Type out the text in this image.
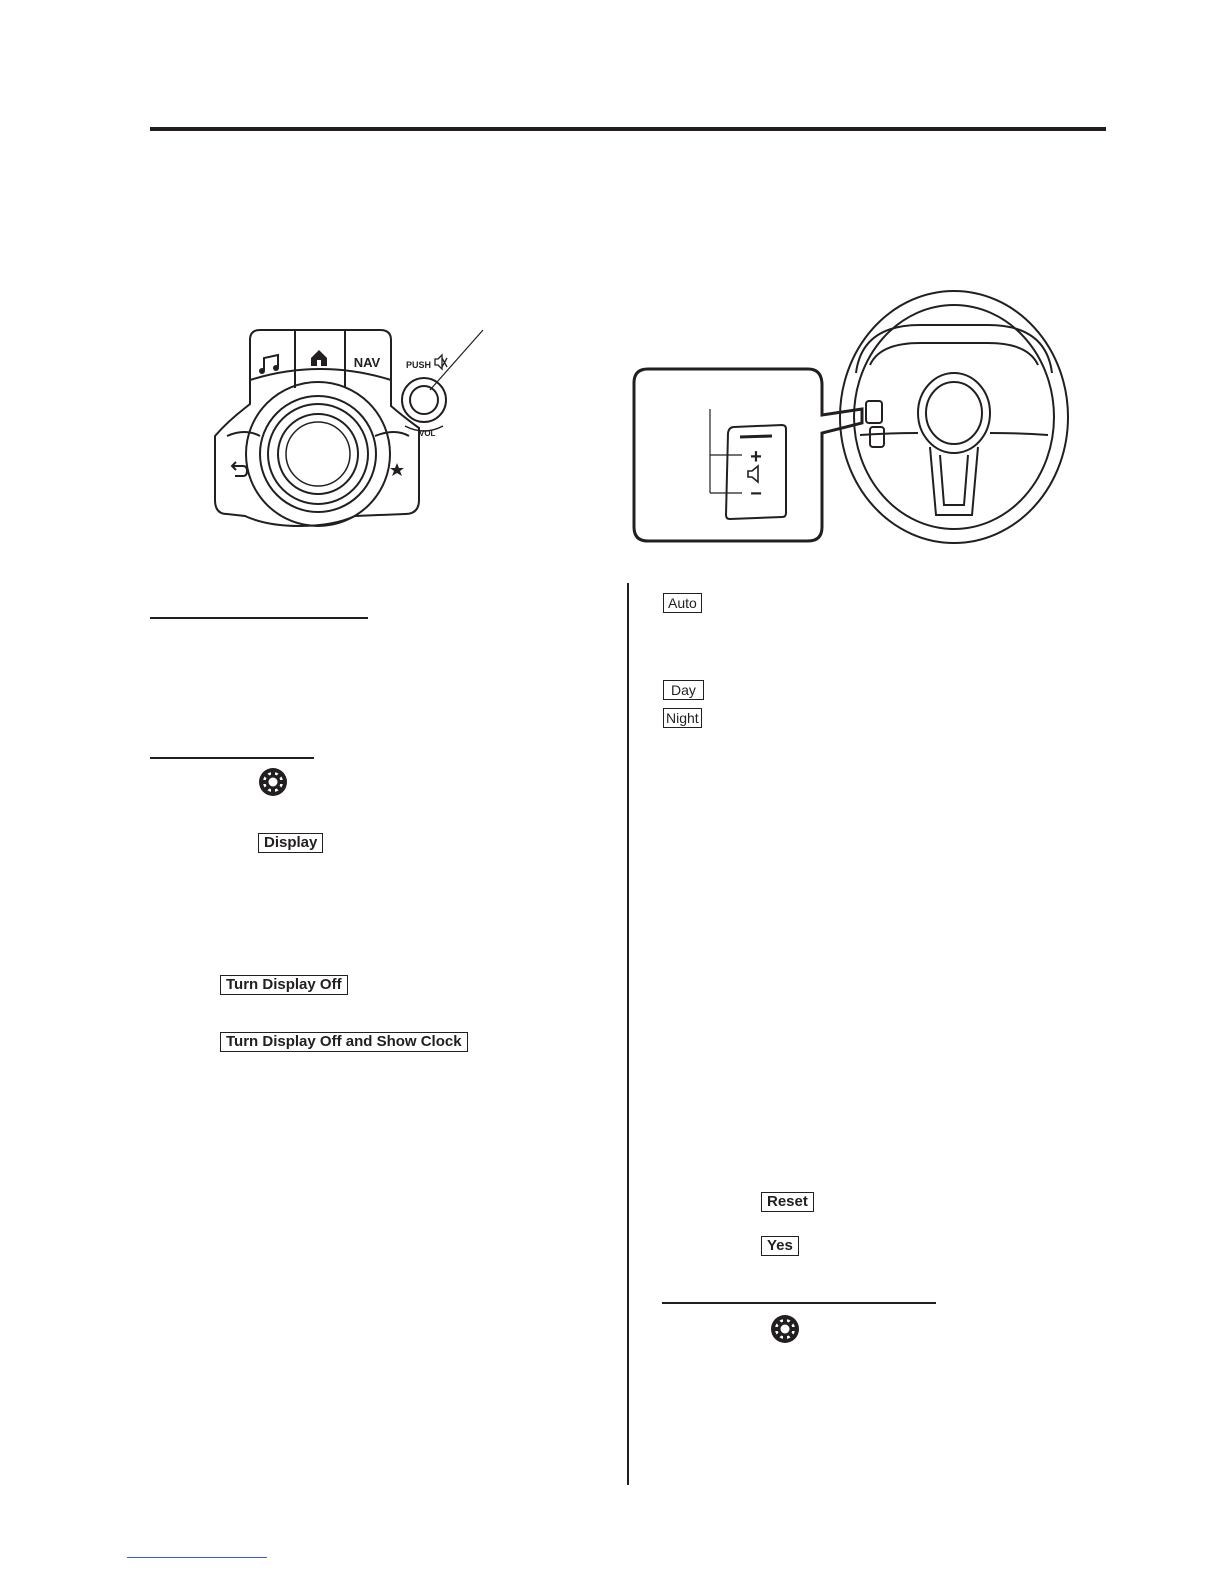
NAV	PUSH
VOL
+
−
Display
Turn Display Off
Turn Display Off and Show Clock
Auto
Day
Night
Reset
Yes
